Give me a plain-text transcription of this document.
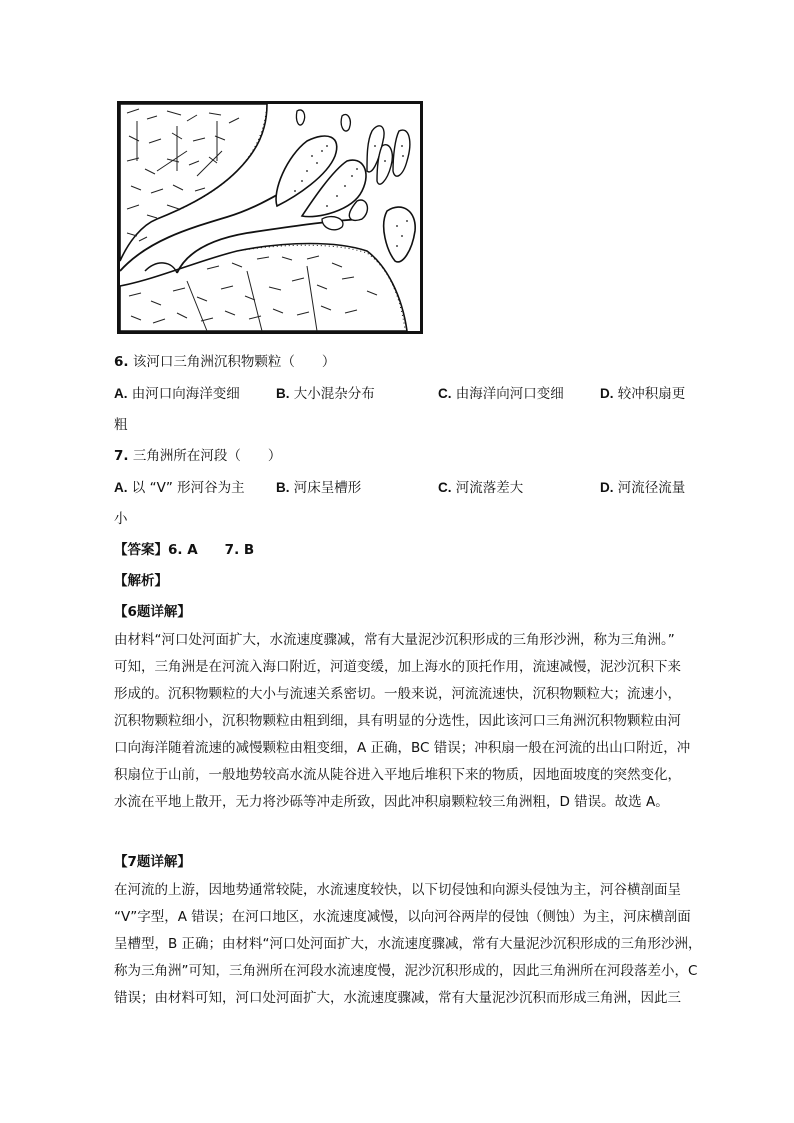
6. 该河口三角洲沉积物颗粒（　　）
A. 由河口向海洋变细	B. 大小混杂分布	C. 由海洋向河口变细	D. 较冲积扇更
粗
7. 三角洲所在河段（　　）
A. 以 “V” 形河谷为主 B. 河床呈槽形	C. 河流落差大	D. 河流径流量
小
【答案】6. A　　7. B
【解析】
【6题详解】
由材料“河口处河面扩大，水流速度骤减，常有大量泥沙沉积形成的三角形沙洲，称为三角洲。”
可知，三角洲是在河流入海口附近，河道变缓，加上海水的顶托作用，流速减慢，泥沙沉积下来
形成的。沉积物颗粒的大小与流速关系密切。一般来说，河流流速快，沉积物颗粒大；流速小，
沉积物颗粒细小，沉积物颗粒由粗到细，具有明显的分选性，因此该河口三角洲沉积物颗粒由河
口向海洋随着流速的减慢颗粒由粗变细，A 正确，BC 错误；冲积扇一般在河流的出山口附近，冲
积扇位于山前，一般地势较高水流从陡谷进入平地后堆积下来的物质，因地面坡度的突然变化，
水流在平地上散开，无力将沙砾等冲走所致，因此冲积扇颗粒较三角洲粗，D 错误。故选 A。
【7题详解】
在河流的上游，因地势通常较陡，水流速度较快，以下切侵蚀和向源头侵蚀为主，河谷横剖面呈
“V”字型，A 错误；在河口地区，水流速度减慢，以向河谷两岸的侵蚀（侧蚀）为主，河床横剖面
呈槽型，B 正确；由材料“河口处河面扩大，水流速度骤减，常有大量泥沙沉积形成的三角形沙洲，
称为三角洲”可知，三角洲所在河段水流速度慢，泥沙沉积形成的，因此三角洲所在河段落差小，C
错误；由材料可知，河口处河面扩大，水流速度骤减，常有大量泥沙沉积而形成三角洲，因此三
